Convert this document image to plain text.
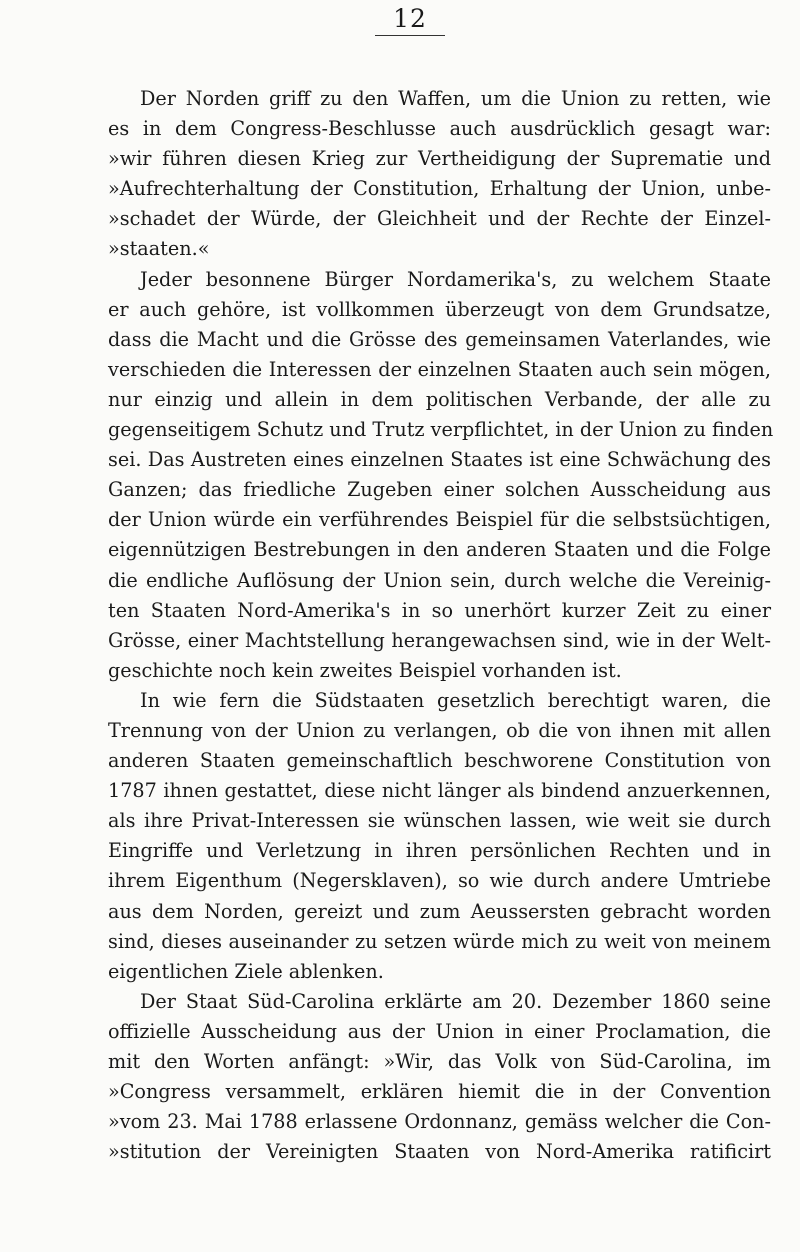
12
Der Norden griff zu den Waffen, um die Union zu retten, wie
es in dem Congress-Beschlusse auch ausdrücklich gesagt war:
»wir führen diesen Krieg zur Vertheidigung der Suprematie und
»Aufrechterhaltung der Constitution, Erhaltung der Union, unbe-
»schadet der Würde, der Gleichheit und der Rechte der Einzel-
»staaten.«
Jeder besonnene Bürger Nordamerika's, zu welchem Staate
er auch gehöre, ist vollkommen überzeugt von dem Grundsatze,
dass die Macht und die Grösse des gemeinsamen Vaterlandes, wie
verschieden die Interessen der einzelnen Staaten auch sein mögen,
nur einzig und allein in dem politischen Verbande, der alle zu
gegenseitigem Schutz und Trutz verpflichtet, in der Union zu finden
sei. Das Austreten eines einzelnen Staates ist eine Schwächung des
Ganzen; das friedliche Zugeben einer solchen Ausscheidung aus
der Union würde ein verführendes Beispiel für die selbstsüchtigen,
eigennützigen Bestrebungen in den anderen Staaten und die Folge
die endliche Auflösung der Union sein, durch welche die Vereinig-
ten Staaten Nord-Amerika's in so unerhört kurzer Zeit zu einer
Grösse, einer Machtstellung herangewachsen sind, wie in der Welt-
geschichte noch kein zweites Beispiel vorhanden ist.
In wie fern die Südstaaten gesetzlich berechtigt waren, die
Trennung von der Union zu verlangen, ob die von ihnen mit allen
anderen Staaten gemeinschaftlich beschworene Constitution von
1787 ihnen gestattet, diese nicht länger als bindend anzuerkennen,
als ihre Privat-Interessen sie wünschen lassen, wie weit sie durch
Eingriffe und Verletzung in ihren persönlichen Rechten und in
ihrem Eigenthum (Negersklaven), so wie durch andere Umtriebe
aus dem Norden, gereizt und zum Aeussersten gebracht worden
sind, dieses auseinander zu setzen würde mich zu weit von meinem
eigentlichen Ziele ablenken.
Der Staat Süd-Carolina erklärte am 20. Dezember 1860 seine
offizielle Ausscheidung aus der Union in einer Proclamation, die
mit den Worten anfängt: »Wir, das Volk von Süd-Carolina, im
»Congress versammelt, erklären hiemit die in der Convention
»vom 23. Mai 1788 erlassene Ordonnanz, gemäss welcher die Con-
»stitution der Vereinigten Staaten von Nord-Amerika ratificirt
